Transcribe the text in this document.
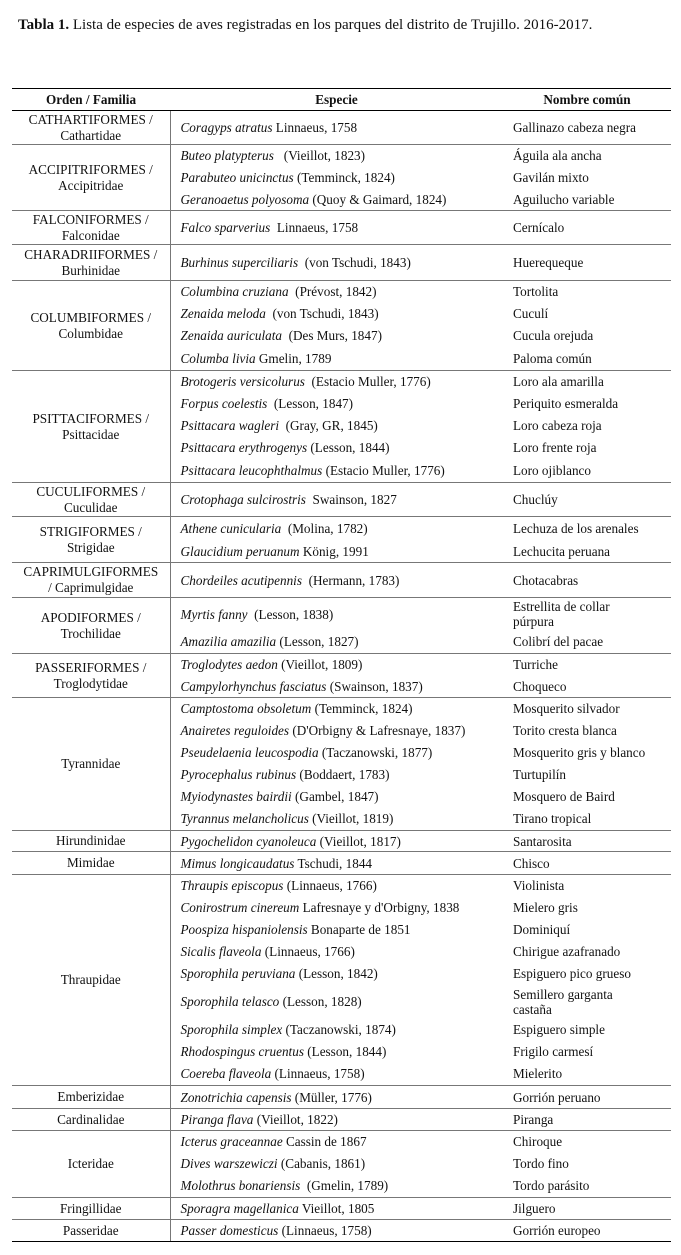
Tabla 1. Lista de especies de aves registradas en los parques del distrito de Trujillo. 2016-2017.

Orden / Familia	Especie	Nombre común
CATHARTIFORMES /
Cathartidae	Coragyps atratus Linnaeus, 1758	Gallinazo cabeza negra
ACCIPITRIFORMES /
Accipitridae	Buteo platypterus   (Vieillot, 1823)	Águila ala ancha
	Parabuteo unicinctus (Temminck, 1824)	Gavilán mixto
	Geranoaetus polyosoma (Quoy & Gaimard, 1824)	Aguilucho variable
FALCONIFORMES /
Falconidae	Falco sparverius  Linnaeus, 1758	Cernícalo
CHARADRIIFORMES /
Burhinidae	Burhinus superciliaris  (von Tschudi, 1843)	Huerequeque
COLUMBIFORMES /
Columbidae	Columbina cruziana  (Prévost, 1842)	Tortolita
	Zenaida meloda  (von Tschudi, 1843)	Cuculí
	Zenaida auriculata  (Des Murs, 1847)	Cucula orejuda
	Columba livia Gmelin, 1789	Paloma común
PSITTACIFORMES /
Psittacidae	Brotogeris versicolurus  (Estacio Muller, 1776)	Loro ala amarilla
	Forpus coelestis  (Lesson, 1847)	Periquito esmeralda
	Psittacara wagleri  (Gray, GR, 1845)	Loro cabeza roja
	Psittacara erythrogenys (Lesson, 1844)	Loro frente roja
	Psittacara leucophthalmus (Estacio Muller, 1776)	Loro ojiblanco
CUCULIFORMES /
Cuculidae	Crotophaga sulcirostris  Swainson, 1827	Chuclúy
STRIGIFORMES /
Strigidae	Athene cunicularia  (Molina, 1782)	Lechuza de los arenales
	Glaucidium peruanum König, 1991	Lechucita peruana
CAPRIMULGIFORMES
/ Caprimulgidae	Chordeiles acutipennis  (Hermann, 1783)	Chotacabras
APODIFORMES /
Trochilidae	Myrtis fanny  (Lesson, 1838)	Estrellita de collar
púrpura
	Amazilia amazilia (Lesson, 1827)	Colibrí del pacae
PASSERIFORMES /
Troglodytidae	Troglodytes aedon (Vieillot, 1809)	Turriche
	Campylorhynchus fasciatus (Swainson, 1837)	Choqueco
Tyrannidae	Camptostoma obsoletum (Temminck, 1824)	Mosquerito silvador
	Anairetes reguloides (D'Orbigny & Lafresnaye, 1837)	Torito cresta blanca
	Pseudelaenia leucospodia (Taczanowski, 1877)	Mosquerito gris y blanco
	Pyrocephalus rubinus (Boddaert, 1783)	Turtupilín
	Myiodynastes bairdii (Gambel, 1847)	Mosquero de Baird
	Tyrannus melancholicus (Vieillot, 1819)	Tirano tropical
Hirundinidae	Pygochelidon cyanoleuca (Vieillot, 1817)	Santarosita
Mimidae	Mimus longicaudatus Tschudi, 1844	Chisco
Thraupidae	Thraupis episcopus (Linnaeus, 1766)	Violinista
	Conirostrum cinereum Lafresnaye y d'Orbigny, 1838	Mielero gris
	Poospiza hispaniolensis Bonaparte de 1851	Dominiquí
	Sicalis flaveola (Linnaeus, 1766)	Chirigue azafranado
	Sporophila peruviana (Lesson, 1842)	Espiguero pico grueso
	Sporophila telasco (Lesson, 1828)	Semillero garganta
castaña
	Sporophila simplex (Taczanowski, 1874)	Espiguero simple
	Rhodospingus cruentus (Lesson, 1844)	Frigilo carmesí
	Coereba flaveola (Linnaeus, 1758)	Mielerito
Emberizidae	Zonotrichia capensis (Müller, 1776)	Gorrión peruano
Cardinalidae	Piranga flava (Vieillot, 1822)	Piranga
Icteridae	Icterus graceannae Cassin de 1867	Chiroque
	Dives warszewiczi (Cabanis, 1861)	Tordo fino
	Molothrus bonariensis  (Gmelin, 1789)	Tordo parásito
Fringillidae	Sporagra magellanica Vieillot, 1805	Jilguero
Passeridae	Passer domesticus (Linnaeus, 1758)	Gorrión europeo
